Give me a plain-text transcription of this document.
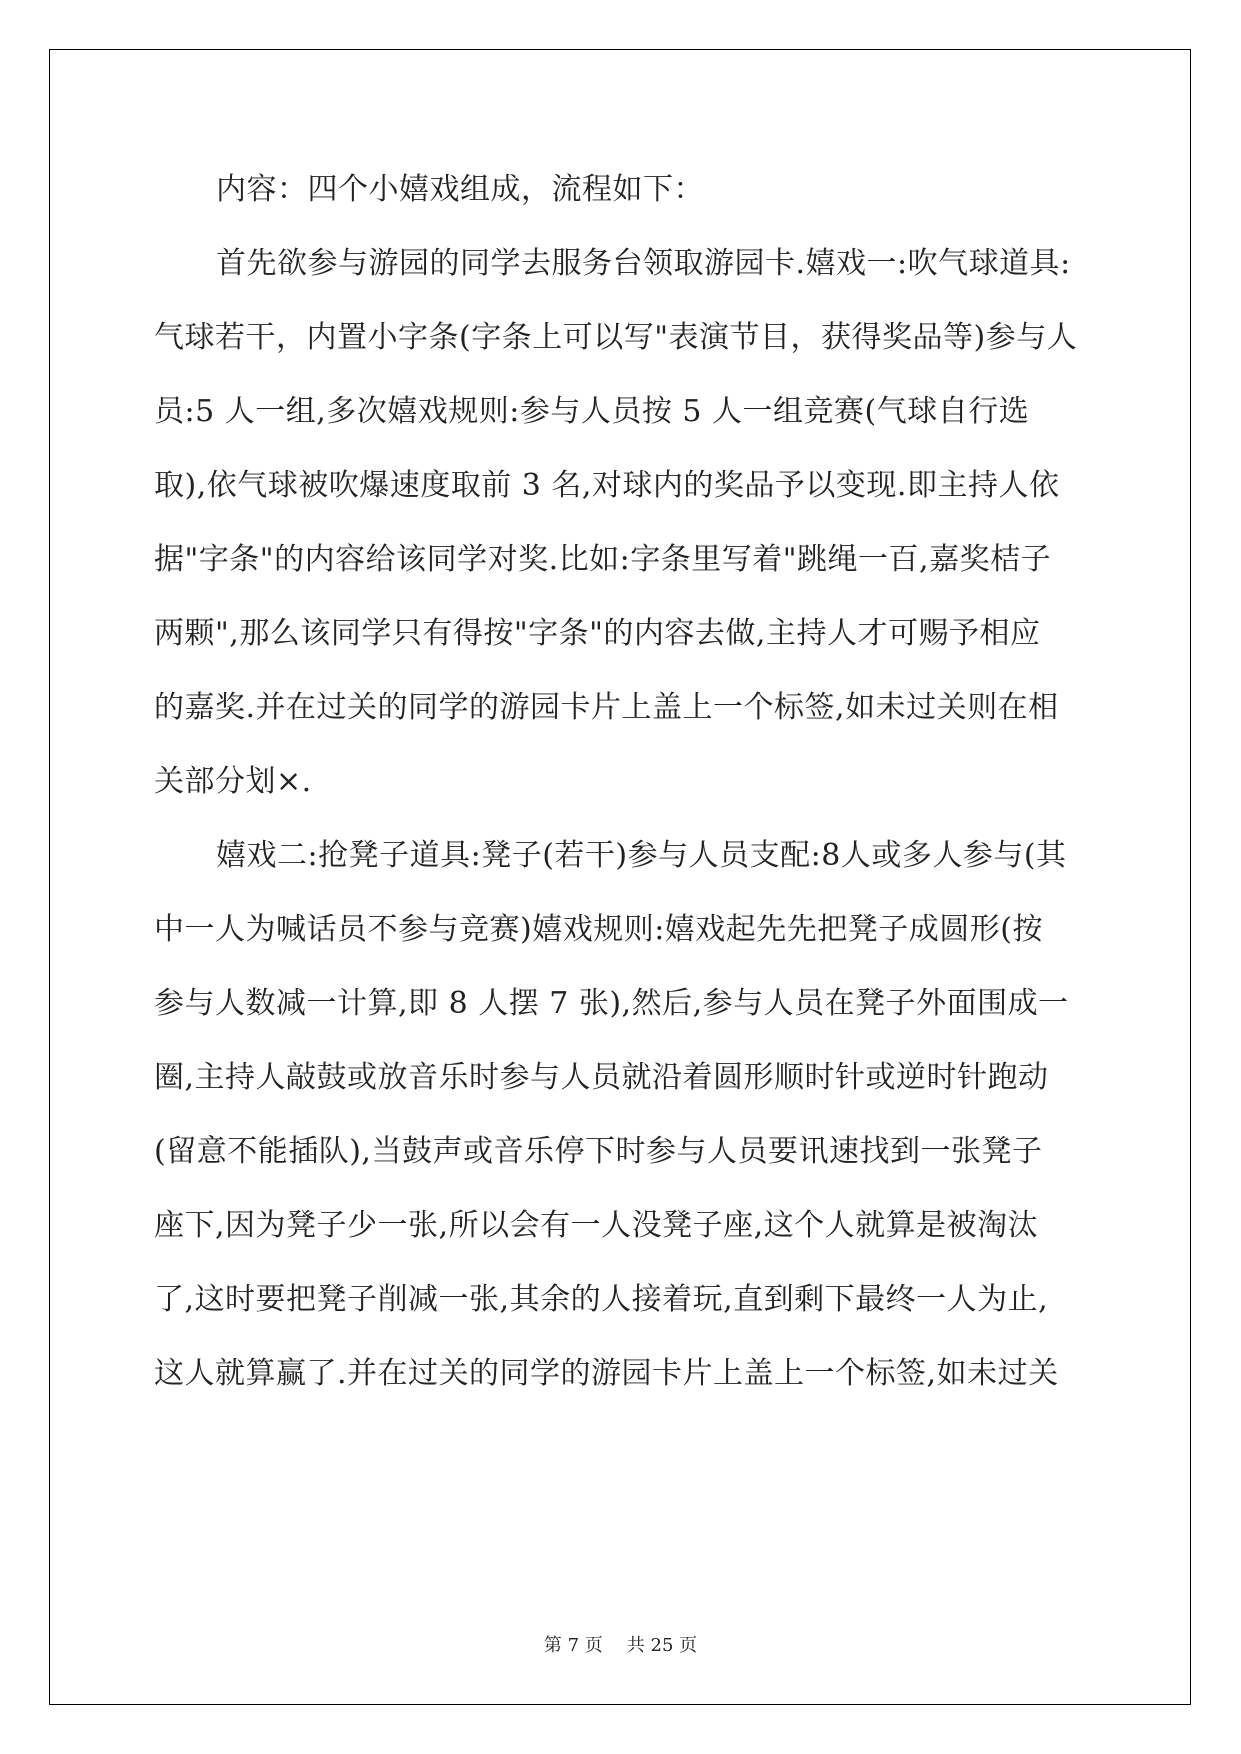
内容：四个小嬉戏组成，流程如下：
首先欲参与游园的同学去服务台领取游园卡.嬉戏一:吹气球道具:
气球若干，内置小字条(字条上可以写"表演节目，获得奖品等)参与人
员:5 人一组,多次嬉戏规则:参与人员按 5 人一组竞赛(气球自行选
取),依气球被吹爆速度取前 3 名,对球内的奖品予以变现.即主持人依
据"字条"的内容给该同学对奖.比如:字条里写着"跳绳一百,嘉奖桔子
两颗",那么该同学只有得按"字条"的内容去做,主持人才可赐予相应
的嘉奖.并在过关的同学的游园卡片上盖上一个标签,如未过关则在相
关部分划×.
嬉戏二:抢凳子道具:凳子(若干)参与人员支配:8人或多人参与(其
中一人为喊话员不参与竞赛)嬉戏规则:嬉戏起先先把凳子成圆形(按
参与人数减一计算,即 8 人摆 7 张),然后,参与人员在凳子外面围成一
圈,主持人敲鼓或放音乐时参与人员就沿着圆形顺时针或逆时针跑动
(留意不能插队),当鼓声或音乐停下时参与人员要讯速找到一张凳子
座下,因为凳子少一张,所以会有一人没凳子座,这个人就算是被淘汰
了,这时要把凳子削减一张,其余的人接着玩,直到剩下最终一人为止,
这人就算赢了.并在过关的同学的游园卡片上盖上一个标签,如未过关
第 7 页 共 25 页
